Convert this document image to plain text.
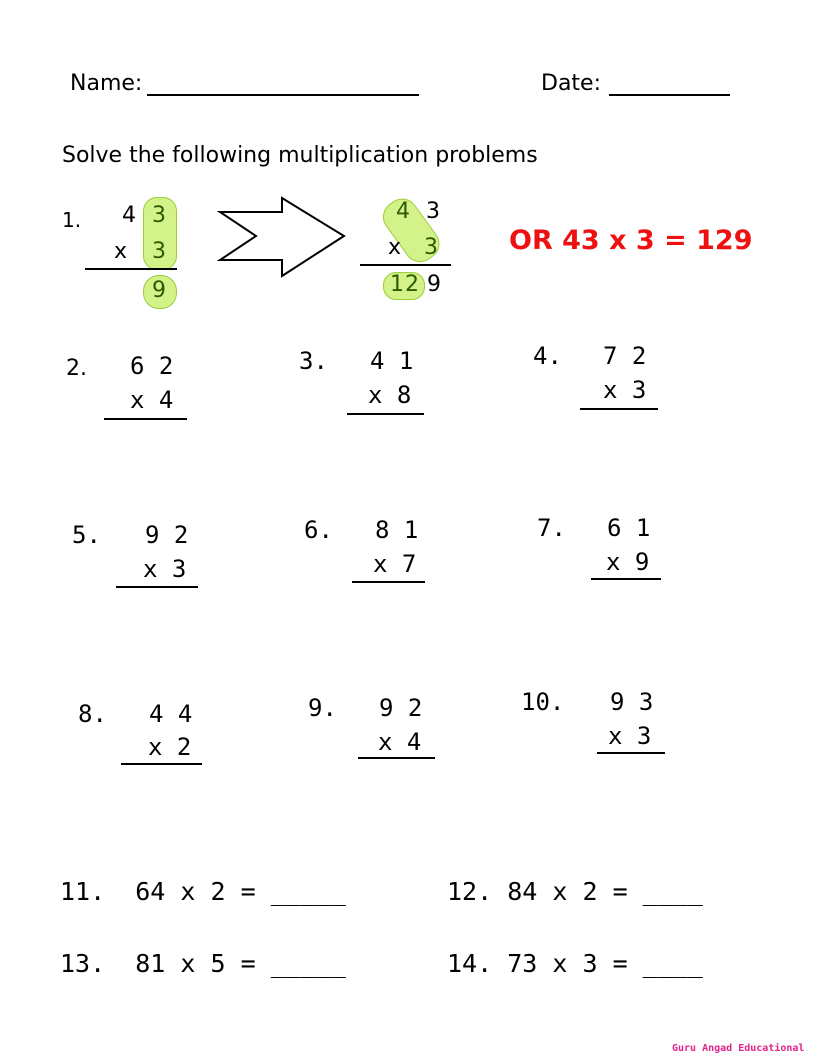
Name:	Date:
Solve the following multiplication problems
1. 4 3
x 3
9
4 3
x 3
12 9
OR 43 x 3 = 129
2. 6 2
x 4
3. 4 1
x 8
4. 7 2
x 3
5. 9 2
x 3
6. 8 1
x 7
7. 6 1
x 9
8. 4 4
x 2
9. 9 2
x 4
10. 9 3
x 3
11.  64 x 2 = _____	12. 84 x 2 = ____
13.  81 x 5 = _____	14. 73 x 3 = ____
Guru Angad Educational
